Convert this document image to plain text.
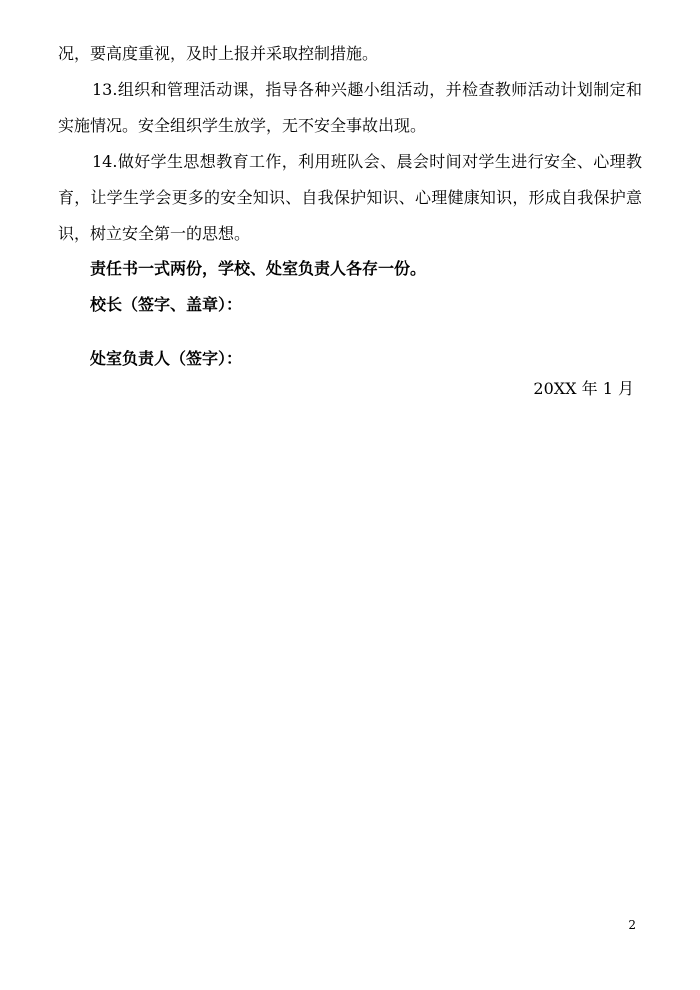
况，要高度重视，及时上报并采取控制措施。

13.组织和管理活动课，指导各种兴趣小组活动，并检查教师活动计划制定和实施情况。安全组织学生放学，无不安全事故出现。

14.做好学生思想教育工作，利用班队会、晨会时间对学生进行安全、心理教育，让学生学会更多的安全知识、自我保护知识、心理健康知识，形成自我保护意识，树立安全第一的思想。

责任书一式两份，学校、处室负责人各存一份。
校长（签字、盖章）：
处室负责人（签字）：
20XX 年 1 月
2
